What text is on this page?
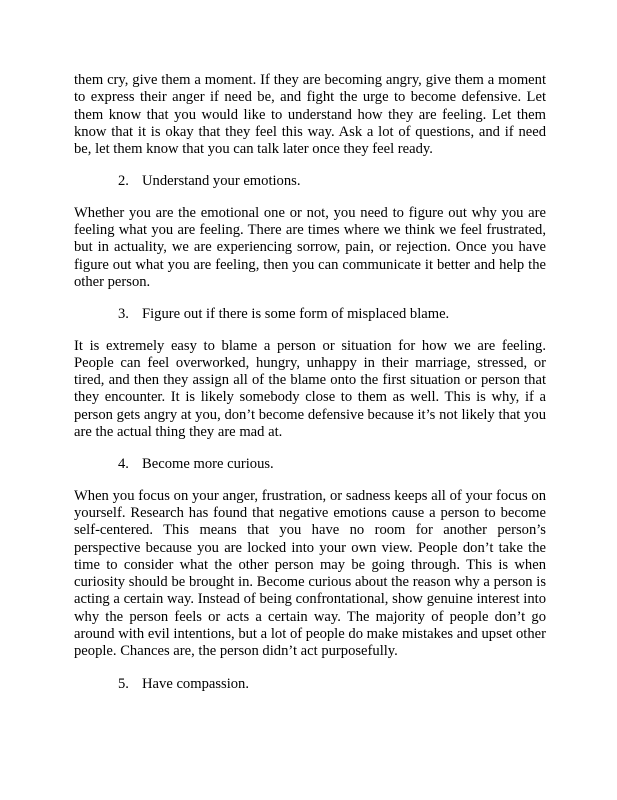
them cry, give them a moment. If they are becoming angry, give them a moment to express their anger if need be, and fight the urge to become defensive. Let them know that you would like to understand how they are feeling. Let them know that it is okay that they feel this way. Ask a lot of questions, and if need be, let them know that you can talk later once they feel ready.

2. Understand your emotions.

Whether you are the emotional one or not, you need to figure out why you are feeling what you are feeling. There are times where we think we feel frustrated, but in actuality, we are experiencing sorrow, pain, or rejection. Once you have figure out what you are feeling, then you can communicate it better and help the other person.

3. Figure out if there is some form of misplaced blame.

It is extremely easy to blame a person or situation for how we are feeling. People can feel overworked, hungry, unhappy in their marriage, stressed, or tired, and then they assign all of the blame onto the first situation or person that they encounter. It is likely somebody close to them as well. This is why, if a person gets angry at you, don’t become defensive because it’s not likely that you are the actual thing they are mad at.

4. Become more curious.

When you focus on your anger, frustration, or sadness keeps all of your focus on yourself. Research has found that negative emotions cause a person to become self-centered. This means that you have no room for another person’s perspective because you are locked into your own view. People don’t take the time to consider what the other person may be going through. This is when curiosity should be brought in. Become curious about the reason why a person is acting a certain way. Instead of being confrontational, show genuine interest into why the person feels or acts a certain way. The majority of people don’t go around with evil intentions, but a lot of people do make mistakes and upset other people. Chances are, the person didn’t act purposefully.

5. Have compassion.
